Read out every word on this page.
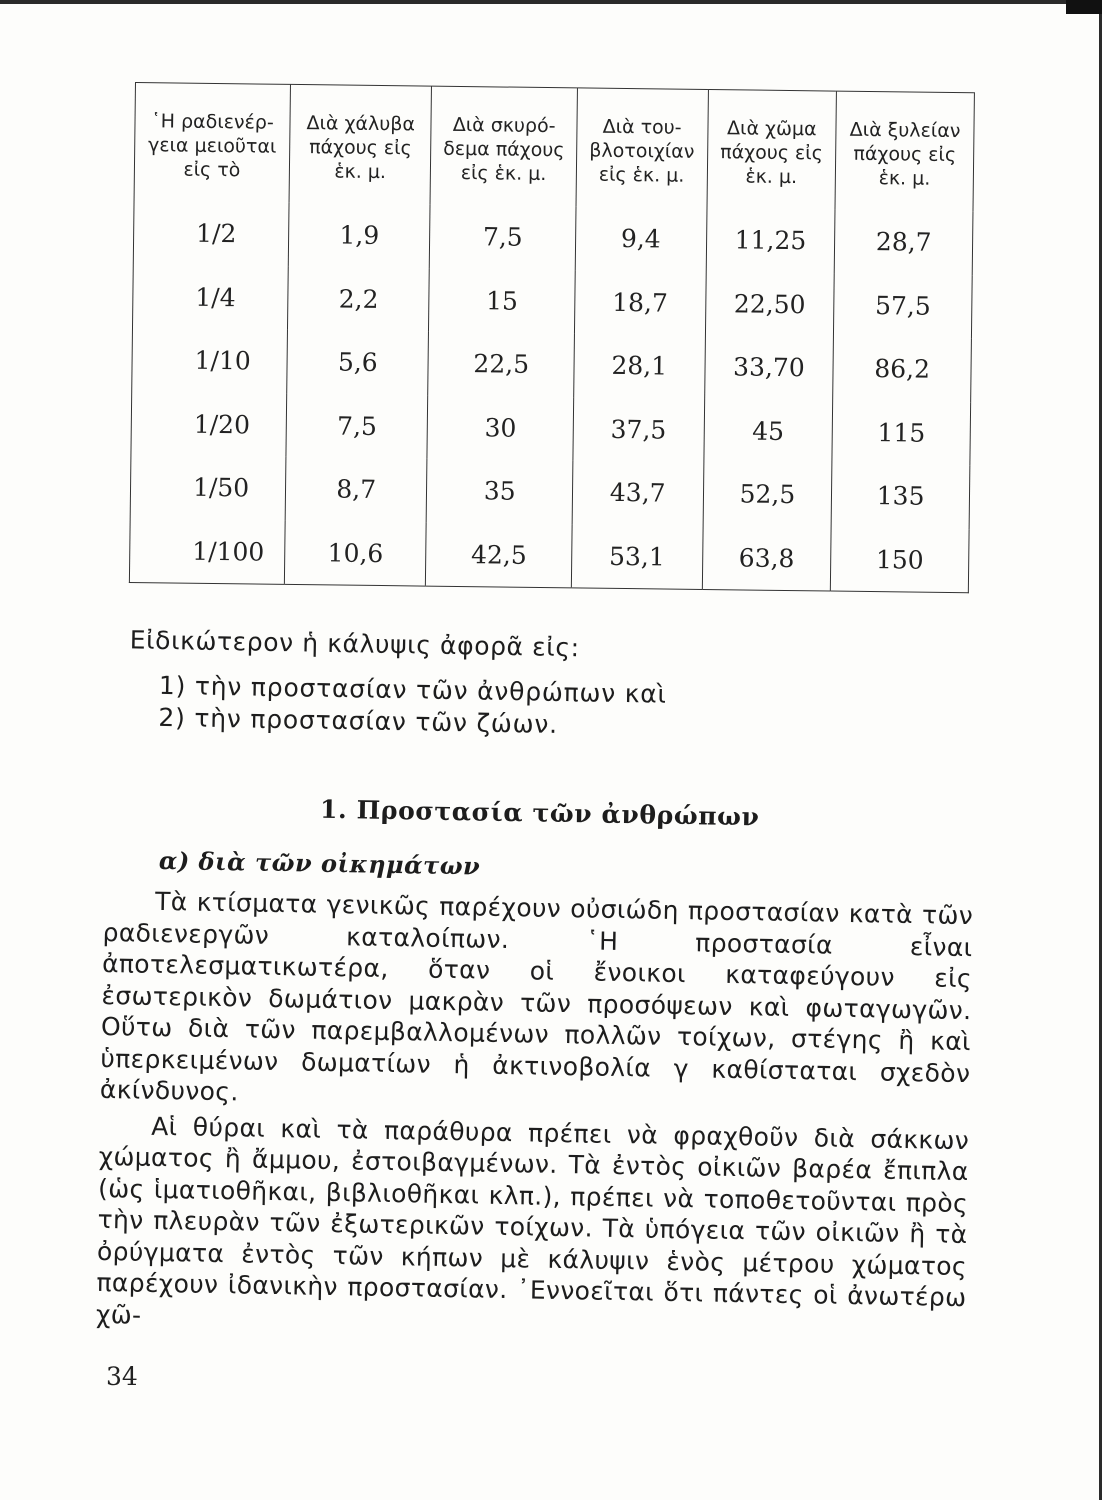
῾Η ραδιενέρ-γεια μειοῦται εἰς τὸ	Διὰ χάλυβα πάχους εἰς ἑκ. μ.	Διὰ σκυρό-δεμα πάχους εἰς ἑκ. μ.	Διὰ του-βλοτοιχίαν εἰς ἑκ. μ.	Διὰ χῶμα πάχους εἰς ἑκ. μ.	Διὰ ξυλείαν πάχους εἰς ἑκ. μ.
1/2	1,9	7,5	9,4	11,25	28,7
1/4	2,2	15	18,7	22,50	57,5
1/10	5,6	22,5	28,1	33,70	86,2
1/20	7,5	30	37,5	45	115
1/50	8,7	35	43,7	52,5	135
1/100	10,6	42,5	53,1	63,8	150

Εἰδικώτερον ἡ κάλυψις ἀφορᾶ εἰς:

1) τὴν προστασίαν τῶν ἀνθρώπων καὶ

2) τὴν προστασίαν τῶν ζώων.

1. Προστασία τῶν ἀνθρώπων
α) διὰ τῶν οἰκημάτων

Τὰ κτίσματα γενικῶς παρέχουν οὐσιώδη προστασίαν κατὰ τῶν ραδιενεργῶν καταλοίπων. ῾Η προστασία εἶναι ἀποτελεσματικωτέρα, ὅταν οἱ ἔνοικοι καταφεύγουν εἰς ἐσωτερικὸν δωμάτιον μακρὰν τῶν προσόψεων καὶ φωταγωγῶν. Οὕτω διὰ τῶν παρεμβαλλομένων πολλῶν τοίχων, στέγης ἢ καὶ ὑπερκειμένων δωματίων ἡ ἀκτινοβολία γ καθίσταται σχεδὸν ἀκίνδυνος.

Αἱ θύραι καὶ τὰ παράθυρα πρέπει νὰ φραχθοῦν διὰ σάκκων χώματος ἢ ἄμμου, ἐστοιβαγμένων. Τὰ ἐντὸς οἰκιῶν βαρέα ἔπιπλα (ὡς ἱματιοθῆκαι, βιβλιοθῆκαι κλπ.), πρέπει νὰ τοποθετοῦνται πρὸς τὴν πλευρὰν τῶν ἐξωτερικῶν τοίχων. Τὰ ὑπόγεια τῶν οἰκιῶν ἢ τὰ ὀρύγματα ἐντὸς τῶν κήπων μὲ κάλυψιν ἑνὸς μέτρου χώματος παρέχουν ἰδανικὴν προστασίαν. ᾿Εννοεῖται ὅτι πάντες οἱ ἀνωτέρω χῶ-

34
